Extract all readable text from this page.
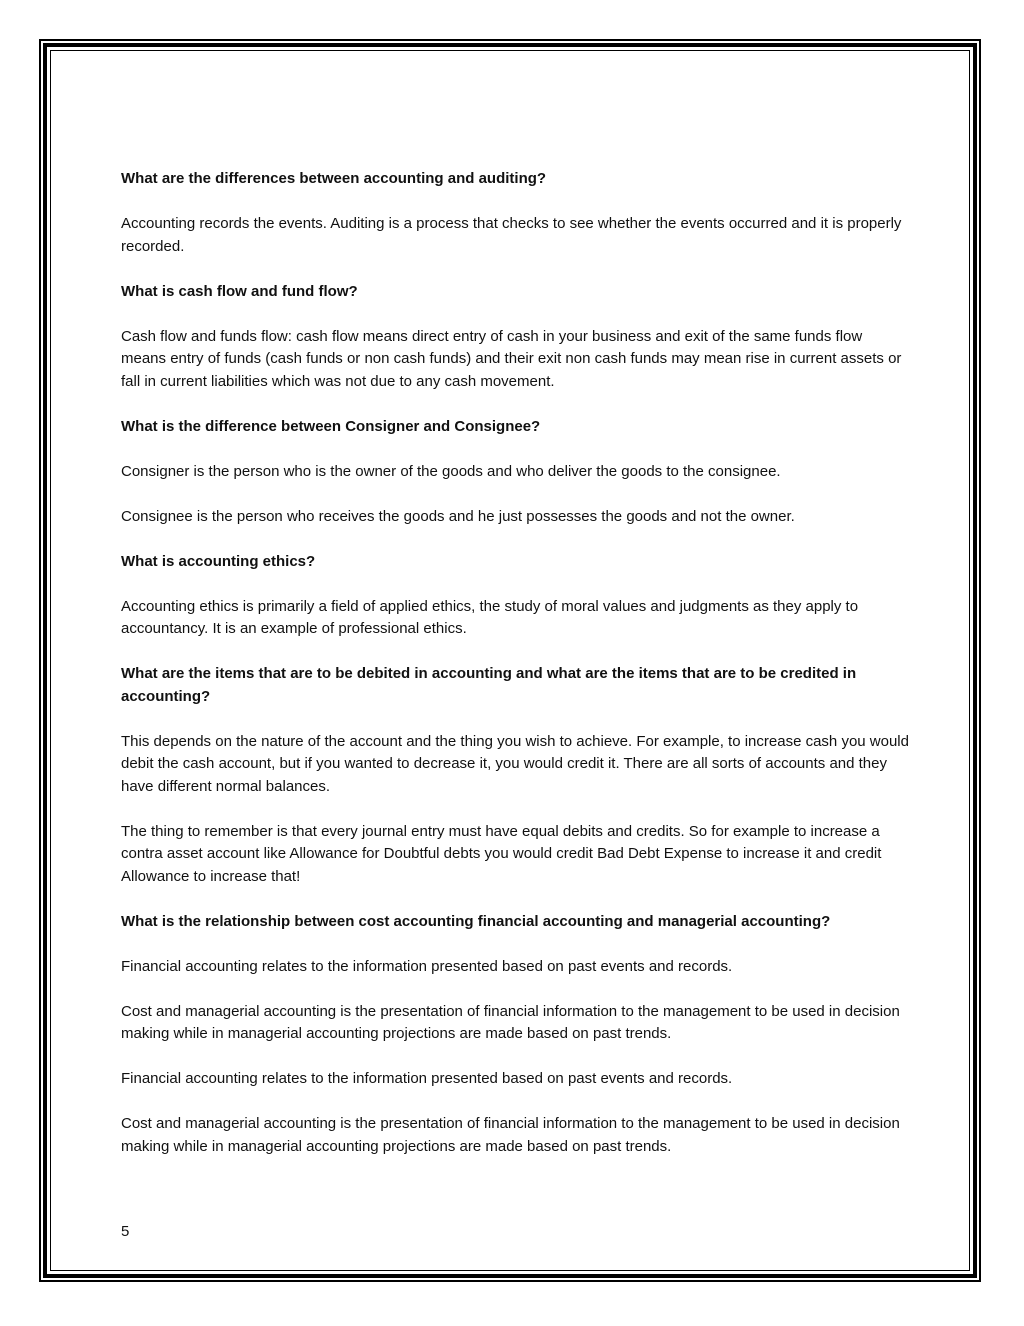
What are the differences between accounting and auditing?

Accounting records the events. Auditing is a process that checks to see whether the events occurred and it is properly recorded.

What is cash flow and fund flow?

Cash flow and funds flow: cash flow means direct entry of cash in your business and exit of the same funds flow means entry of funds (cash funds or non cash funds) and their exit non cash funds may mean rise in current assets or fall in current liabilities which was not due to any cash movement.

What is the difference between Consigner and Consignee?

Consigner is the person who is the owner of the goods and who deliver the goods to the consignee.

Consignee is the person who receives the goods and he just possesses the goods and not the owner.

What is accounting ethics?

Accounting ethics is primarily a field of applied ethics, the study of moral values and judgments as they apply to accountancy. It is an example of professional ethics.

What are the items that are to be debited in accounting and what are the items that are to be credited in accounting?

This depends on the nature of the account and the thing you wish to achieve. For example, to increase cash you would debit the cash account, but if you wanted to decrease it, you would credit it. There are all sorts of accounts and they have different normal balances.

The thing to remember is that every journal entry must have equal debits and credits. So for example to increase a contra asset account like Allowance for Doubtful debts you would credit Bad Debt Expense to increase it and credit Allowance to increase that!

What is the relationship between cost accounting financial accounting and managerial accounting?

Financial accounting relates to the information presented based on past events and records.

Cost and managerial accounting is the presentation of financial information to the management to be used in decision making while in managerial accounting projections are made based on past trends.

Financial accounting relates to the information presented based on past events and records.

Cost and managerial accounting is the presentation of financial information to the management to be used in decision making while in managerial accounting projections are made based on past trends.

5
